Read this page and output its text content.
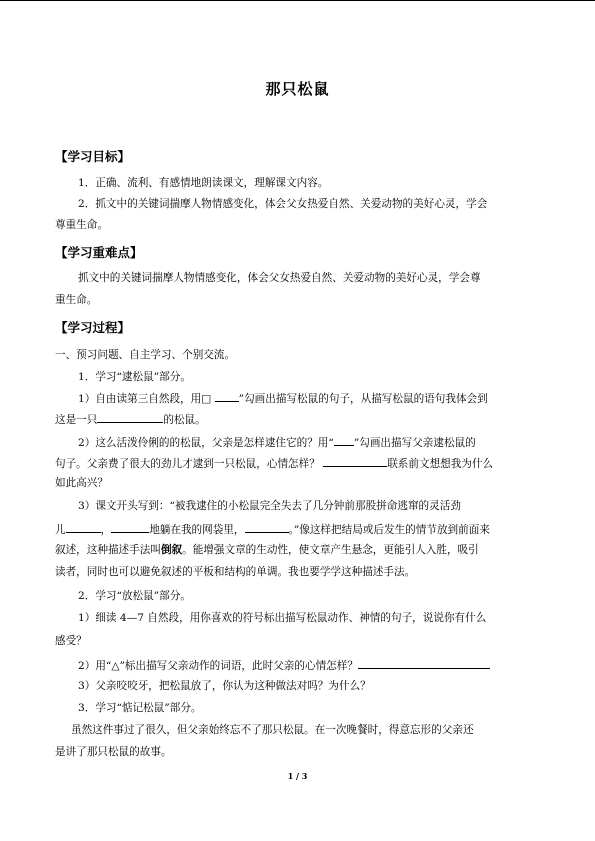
那只松鼠
【学习目标】
1．正确、流利、有感情地朗读课文，理解课文内容。
2．抓文中的关键词揣摩人物情感变化，体会父女热爱自然、关爱动物的美好心灵，学会
尊重生命。
【学习重难点】
抓文中的关键词揣摩人物情感变化，体会父女热爱自然、关爱动物的美好心灵，学会尊
重生命。
【学习过程】
一、预习问题、自主学习、个别交流。
1．学习“逮松鼠”部分。
1）自由读第三自然段，用□	”勾画出描写松鼠的句子，从描写松鼠的语句我体会到
这是一只	的松鼠。
2）这么活泼伶俐的的松鼠，父亲是怎样逮住它的？用“ ”勾画出描写父亲逮松鼠的
句子。父亲费了很大的劲儿才逮到一只松鼠，心情怎样？	联系前文想想我为什么
如此高兴？
3）课文开头写到：“被我逮住的小松鼠完全失去了几分钟前那股拼命逃窜的灵活劲
儿	，	地躺在我的网袋里，	。”像这样把结局或后发生的情节放到前面来
叙述，这种描述手法叫倒叙。能增强文章的生动性，使文章产生悬念，更能引人入胜，吸引
读者，同时也可以避免叙述的平板和结构的单调。我也要学学这种描述手法。
2．学习“放松鼠”部分。
1）细读 4—7 自然段，用你喜欢的符号标出描写松鼠动作、神情的句子，说说你有什么
感受？
2）用“△”标出描写父亲动作的词语，此时父亲的心情怎样？
3）父亲咬咬牙，把松鼠放了，你认为这种做法对吗？为什么？
3．学习“惦记松鼠”部分。
虽然这件事过了很久，但父亲始终忘不了那只松鼠。在一次晚餐时，得意忘形的父亲还
是讲了那只松鼠的故事。
1 / 3
